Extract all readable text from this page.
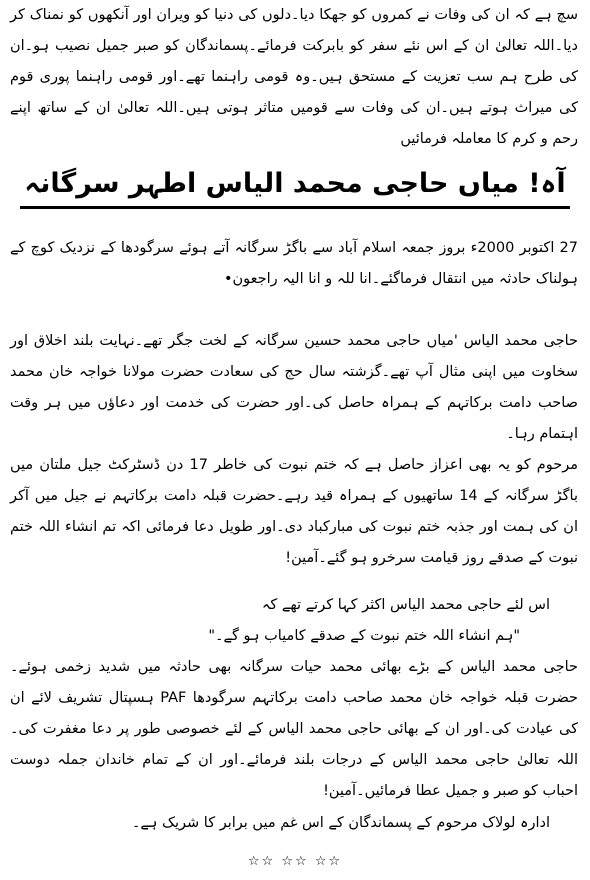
سچ ہے کہ ان کی وفات نے کمروں کو جھکا دیا۔دلوں کی دنیا کو ویران اور آنکھوں کو نمناک کر دیا۔اللہ تعالیٰ ان کے اس نئے سفر کو بابرکت فرمائے۔پسماندگان کو صبر جمیل نصیب ہو۔ان کی طرح ہم سب تعزیت کے مستحق ہیں۔وہ قومی راہنما تھے۔اور قومی راہنما پوری قوم کی میراث ہوتے ہیں۔ان کی وفات سے قومیں متاثر ہوتی ہیں۔اللہ تعالیٰ ان کے ساتھ اپنے رحم و کرم کا معاملہ فرمائیں

آہ! میاں حاجی محمد الیاس اطہر سرگانہ

27 اکتوبر 2000ء بروز جمعہ اسلام آباد سے باگڑ سرگانہ آتے ہوئے سرگودھا کے نزدیک کوچ کے ہولناک حادثہ میں انتقال فرماگئے۔انا للہ و انا الیہ راجعون•

حاجی محمد الیاس 'میاں حاجی محمد حسین سرگانہ کے لخت جگر تھے۔نہایت بلند اخلاق اور سخاوت میں اپنی مثال آپ تھے۔گزشتہ سال حج کی سعادت حضرت مولانا خواجہ خان محمد صاحب دامت برکاتہم کے ہمراہ حاصل کی۔اور حضرت کی خدمت اور دعاؤں میں ہر وقت اہتمام رہا۔

مرحوم کو یہ بھی اعزاز حاصل ہے کہ ختم نبوت کی خاطر 17 دن ڈسٹرکٹ جیل ملتان میں باگڑ سرگانہ کے 14 ساتھیوں کے ہمراہ قید رہے۔حضرت قبلہ دامت برکاتہم نے جیل میں آکر ان کی ہمت اور جذبہ ختم نبوت کی مبارکباد دی۔اور طویل دعا فرمائی اکہ تم انشاء اللہ ختم نبوت کے صدقے روز قیامت سرخرو ہو گئے۔آمین!

اس لئے حاجی محمد الیاس اکثر کہا کرتے تھے کہ
"ہم انشاء اللہ ختم نبوت کے صدقے کامیاب ہو گے۔"

حاجی محمد الیاس کے بڑے بھائی محمد حیات سرگانہ بھی حادثہ میں شدید زخمی ہوئے۔حضرت قبلہ خواجہ خان محمد صاحب دامت برکاتہم سرگودھا PAF ہسپتال تشریف لائے ان کی عیادت کی۔اور ان کے بھائی حاجی محمد الیاس کے لئے خصوصی طور پر دعا مغفرت کی۔اللہ تعالیٰ حاجی محمد الیاس کے درجات بلند فرمائے۔اور ان کے تمام خاندان جملہ دوست احباب کو صبر و جمیل عطا فرمائیں۔آمین!

ادارہ لولاک مرحوم کے پسماندگان کے اس غم میں برابر کا شریک ہے۔
☆☆ ☆☆ ☆☆
